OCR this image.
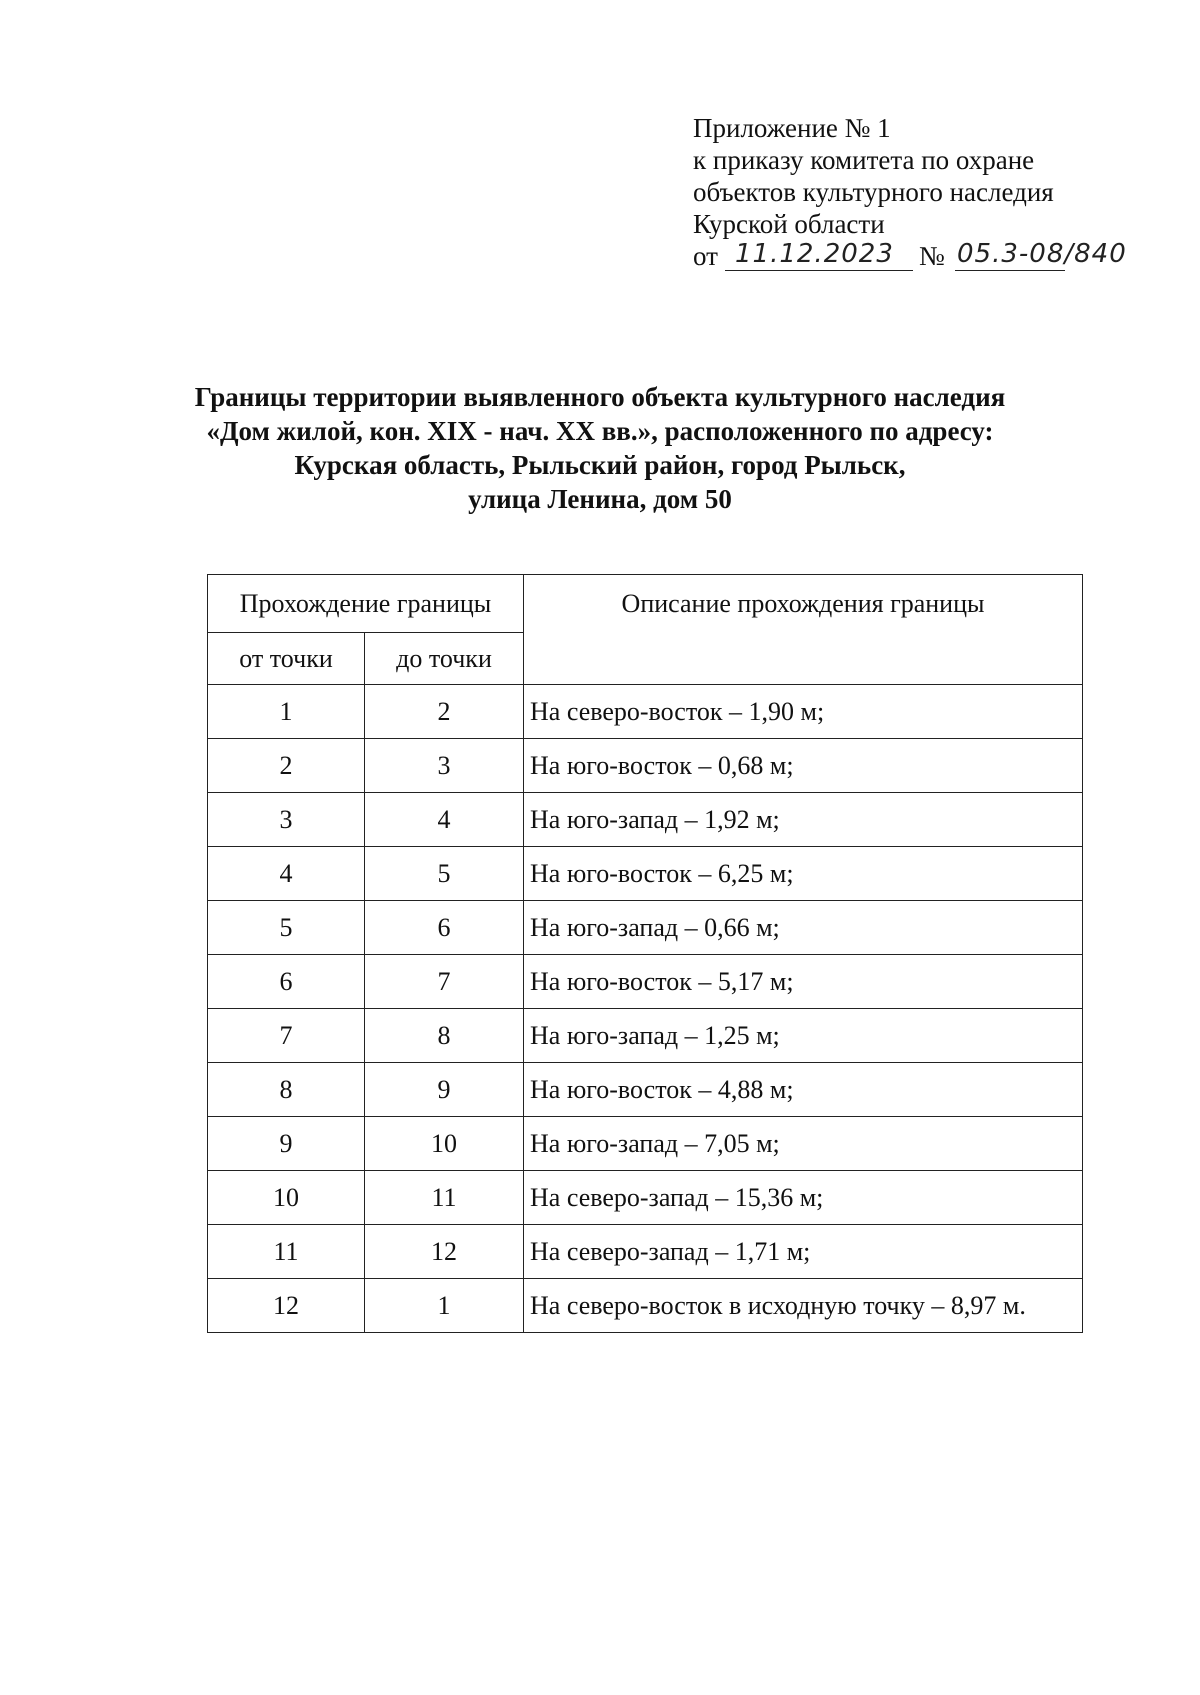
Приложение № 1
к приказу комитета по охране
объектов культурного наследия
Курской области
от 11.12.2023 № 05.3-08/840
Границы территории выявленного объекта культурного наследия
«Дом жилой, кон. XIX - нач. XX вв.», расположенного по адресу:
Курская область, Рыльский район, город Рыльск,
улица Ленина, дом 50
Прохождение границы		Описание прохождения границы
от точки	до точки	
1	2	На северо-восток – 1,90 м;
2	3	На юго-восток – 0,68 м;
3	4	На юго-запад – 1,92 м;
4	5	На юго-восток – 6,25 м;
5	6	На юго-запад – 0,66 м;
6	7	На юго-восток – 5,17 м;
7	8	На юго-запад – 1,25 м;
8	9	На юго-восток – 4,88 м;
9	10	На юго-запад – 7,05 м;
10	11	На северо-запад – 15,36 м;
11	12	На северо-запад – 1,71 м;
12	1	На северо-восток в исходную точку – 8,97 м.
